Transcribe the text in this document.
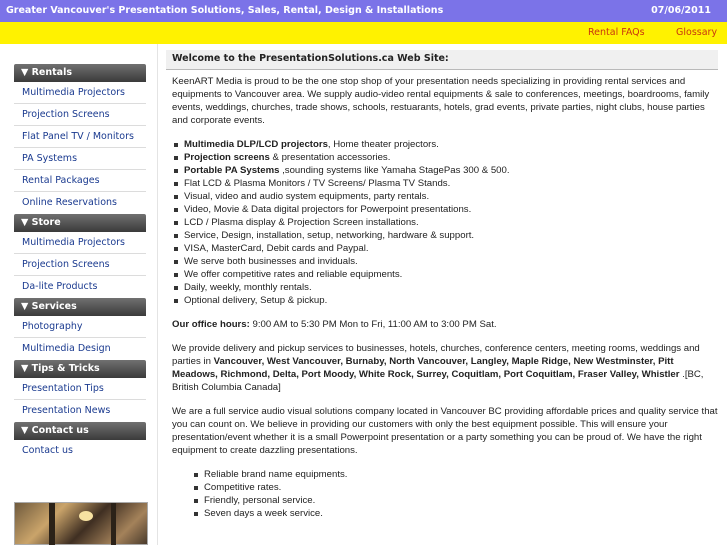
Greater Vancouver's Presentation Solutions, Sales, Rental, Design & Installations	07/06/2011
Rental FAQs	Glossary
▼ Rentals
Multimedia Projectors
Projection Screens
Flat Panel TV / Monitors
PA Systems
Rental Packages
Online Reservations
▼ Store
Multimedia Projectors
Projection Screens
Da-lite Products
▼ Services
Photography
Multimedia Design
▼ Tips & Tricks
Presentation Tips
Presentation News
▼ Contact us
Contact us
Welcome to the PresentationSolutions.ca Web Site:

KeenART Media is proud to be the one stop shop of your presentation needs specializing in providing rental services and equipments to Vancouver area. We supply audio-video rental equipments & sale to conferences, meetings, boardrooms, family events, weddings, churches, trade shows, schools, restuarants, hotels, grad events, private parties, night clubs, house parties and corporate events.

Multimedia DLP/LCD projectors, Home theater projectors.
Projection screens & presentation accessories.
Portable PA Systems ,sounding systems like Yamaha StagePas 300 & 500.
Flat LCD & Plasma Monitors / TV Screens/ Plasma TV Stands.
Visual, video and audio system equipments, party rentals.
Video, Movie & Data digital projectors for Powerpoint presentations.
LCD / Plasma display & Projection Screen installations.
Service, Design, installation, setup, networking, hardware & support.
VISA, MasterCard, Debit cards and Paypal.
We serve both businesses and inviduals.
We offer competitive rates and reliable equipments.
Daily, weekly, monthly rentals.
Optional delivery, Setup & pickup.

Our office hours: 9:00 AM to 5:30 PM Mon to Fri, 11:00 AM to 3:00 PM Sat.

We provide delivery and pickup services to businesses, hotels, churches, conference centers, meeting rooms, weddings and parties in Vancouver, West Vancouver, Burnaby, North Vancouver, Langley, Maple Ridge, New Westminster, Pitt Meadows, Richmond, Delta, Port Moody, White Rock, Surrey, Coquitlam, Port Coquitlam, Fraser Valley, Whistler .[BC, British Columbia Canada]

We are a full service audio visual solutions company located in Vancouver BC providing affordable prices and quality service that you can count on. We believe in providing our customers with only the best equipment possible. This will ensure your presentation/event whether it is a small Powerpoint presentation or a party something you can be proud of. We have the right equipment to create dazzling presentations.

Reliable brand name equipments.
Competitive rates.
Friendly, personal service.
Seven days a week service.
